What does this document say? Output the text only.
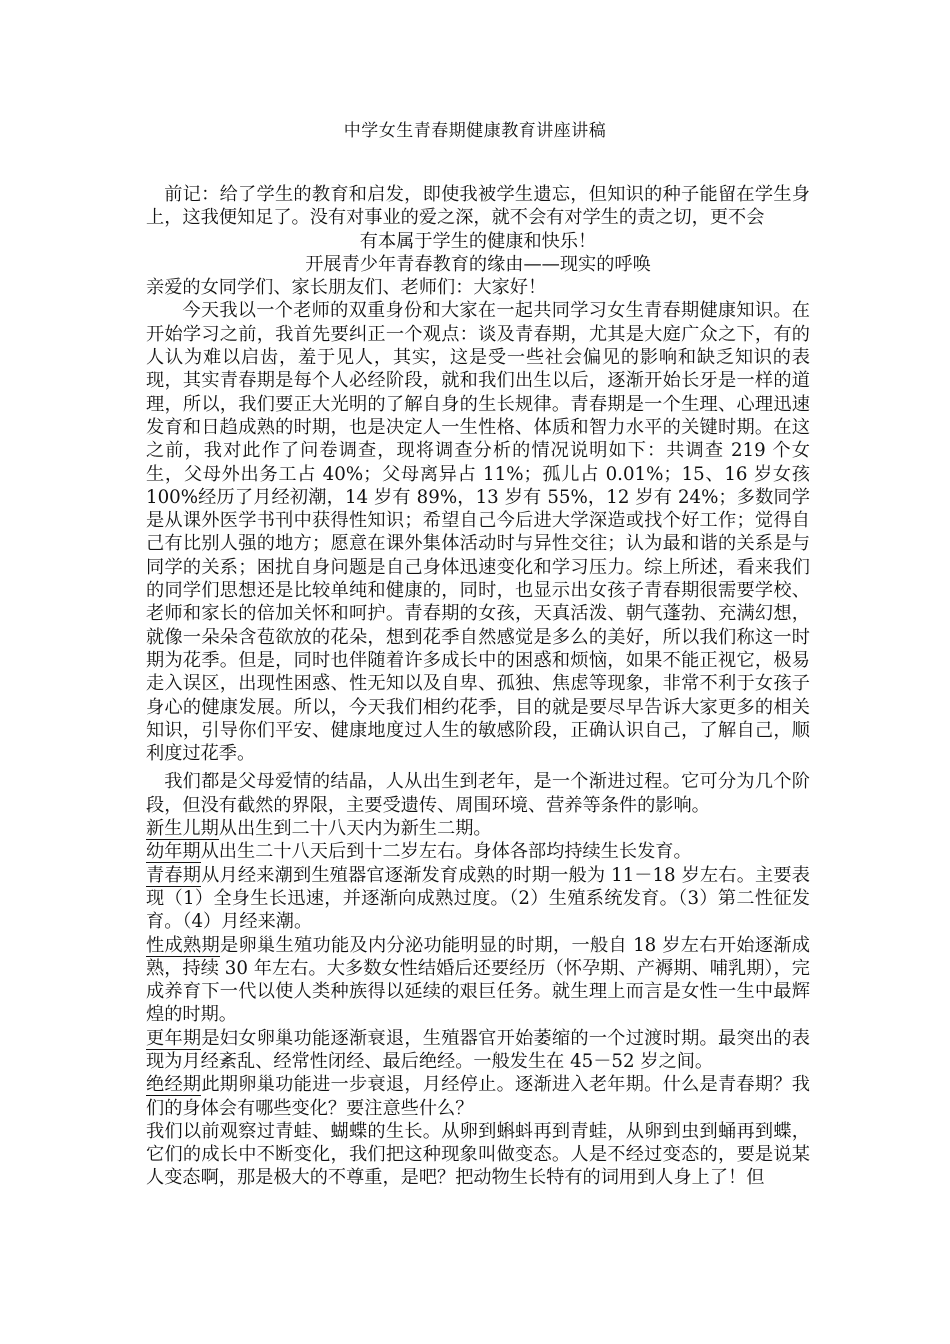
中学女生青春期健康教育讲座讲稿

前记：给了学生的教育和启发，即使我被学生遗忘，但知识的种子能留在学生身上，这我便知足了。没有对事业的爱之深，就不会有对学生的责之切，更不会

有本属于学生的健康和快乐！

开展青少年青春教育的缘由——现实的呼唤

亲爱的女同学们、家长朋友们、老师们：大家好！

今天我以一个老师的双重身份和大家在一起共同学习女生青春期健康知识。在开始学习之前，我首先要纠正一个观点：谈及青春期，尤其是大庭广众之下，有的人认为难以启齿，羞于见人，其实，这是受一些社会偏见的影响和缺乏知识的表现，其实青春期是每个人必经阶段，就和我们出生以后，逐渐开始长牙是一样的道理，所以，我们要正大光明的了解自身的生长规律。青春期是一个生理、心理迅速发育和日趋成熟的时期，也是决定人一生性格、体质和智力水平的关键时期。在这之前，我对此作了问卷调查，现将调查分析的情况说明如下：共调查 219 个女生，父母外出务工占 40%；父母离异占 11%；孤儿占 0.01%；15、16 岁女孩 100%经历了月经初潮，14 岁有 89%，13 岁有 55%，12 岁有 24%；多数同学是从课外医学书刊中获得性知识；希望自己今后进大学深造或找个好工作；觉得自己有比别人强的地方；愿意在课外集体活动时与异性交往；认为最和谐的关系是与同学的关系；困扰自身问题是自己身体迅速变化和学习压力。综上所述，看来我们的同学们思想还是比较单纯和健康的，同时，也显示出女孩子青春期很需要学校、老师和家长的倍加关怀和呵护。青春期的女孩，天真活泼、朝气蓬勃、充满幻想，就像一朵朵含苞欲放的花朵，想到花季自然感觉是多么的美好，所以我们称这一时期为花季。但是，同时也伴随着许多成长中的困惑和烦恼，如果不能正视它，极易走入误区，出现性困惑、性无知以及自卑、孤独、焦虑等现象，非常不利于女孩子身心的健康发展。所以，今天我们相约花季，目的就是要尽早告诉大家更多的相关知识，引导你们平安、健康地度过人生的敏感阶段，正确认识自己，了解自己，顺利度过花季。

我们都是父母爱情的结晶，人从出生到老年，是一个渐进过程。它可分为几个阶段，但没有截然的界限，主要受遗传、周围环境、营养等条件的影响。

新生儿期从出生到二十八天内为新生二期。

幼年期从出生二十八天后到十二岁左右。身体各部均持续生长发育。

青春期从月经来潮到生殖器官逐渐发育成熟的时期一般为 11－18 岁左右。主要表现（1）全身生长迅速，并逐渐向成熟过度。（2）生殖系统发育。（3）第二性征发育。（4）月经来潮。

性成熟期是卵巢生殖功能及内分泌功能明显的时期，一般自 18 岁左右开始逐渐成熟，持续 30 年左右。大多数女性结婚后还要经历（怀孕期、产褥期、哺乳期），完成养育下一代以使人类种族得以延续的艰巨任务。就生理上而言是女性一生中最辉煌的时期。

更年期是妇女卵巢功能逐渐衰退，生殖器官开始萎缩的一个过渡时期。最突出的表现为月经紊乱、经常性闭经、最后绝经。一般发生在 45－52 岁之间。

绝经期此期卵巢功能进一步衰退，月经停止。逐渐进入老年期。什么是青春期？我们的身体会有哪些变化？要注意些什么？

我们以前观察过青蛙、蝴蝶的生长。从卵到蝌蚪再到青蛙，从卵到虫到蛹再到蝶，它们的成长中不断变化，我们把这种现象叫做变态。人是不经过变态的，要是说某人变态啊，那是极大的不尊重，是吧？把动物生长特有的词用到人身上了！但
